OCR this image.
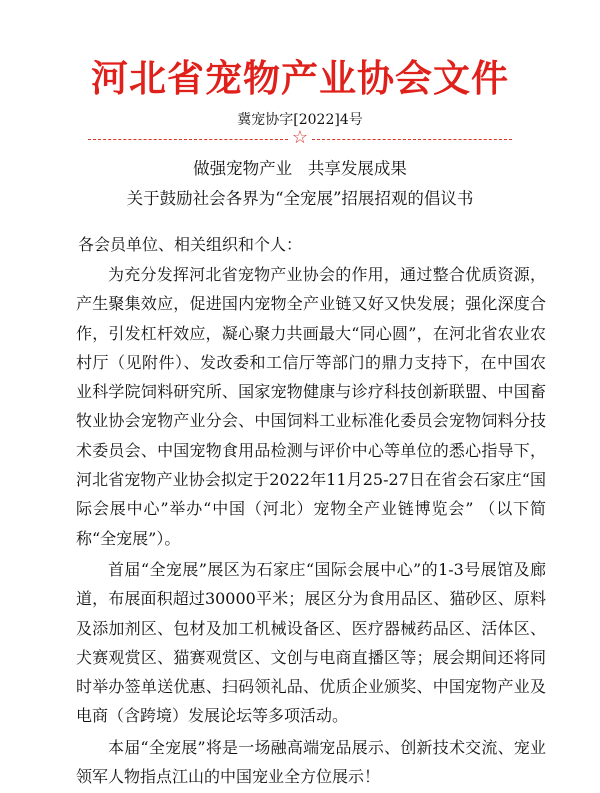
河北省宠物产业协会文件
冀宠协字[2022]4号
☆
做强宠物产业   共享发展成果
关于鼓励社会各界为“全宠展”招展招观的倡议书
各会员单位、相关组织和个人：

为充分发挥河北省宠物产业协会的作用，通过整合优质资源，产生聚集效应，促进国内宠物全产业链又好又快发展；强化深度合作，引发杠杆效应，凝心聚力共画最大“同心圆”，在河北省农业农村厅（见附件）、发改委和工信厅等部门的鼎力支持下，在中国农业科学院饲料研究所、国家宠物健康与诊疗科技创新联盟、中国畜牧业协会宠物产业分会、中国饲料工业标准化委员会宠物饲料分技术委员会、中国宠物食用品检测与评价中心等单位的悉心指导下，河北省宠物产业协会拟定于2022年11月25-27日在省会石家庄“国际会展中心”举办“中国（河北）宠物全产业链博览会” （以下简称“全宠展”）。

首届“全宠展”展区为石家庄“国际会展中心”的1-3号展馆及廊道，布展面积超过30000平米；展区分为食用品区、猫砂区、原料及添加剂区、包材及加工机械设备区、医疗器械药品区、活体区、犬赛观赏区、猫赛观赏区、文创与电商直播区等；展会期间还将同时举办签单送优惠、扫码领礼品、优质企业颁奖、中国宠物产业及电商（含跨境）发展论坛等多项活动。

本届“全宠展”将是一场融高端宠品展示、创新技术交流、宠业领军人物指点江山的中国宠业全方位展示！
